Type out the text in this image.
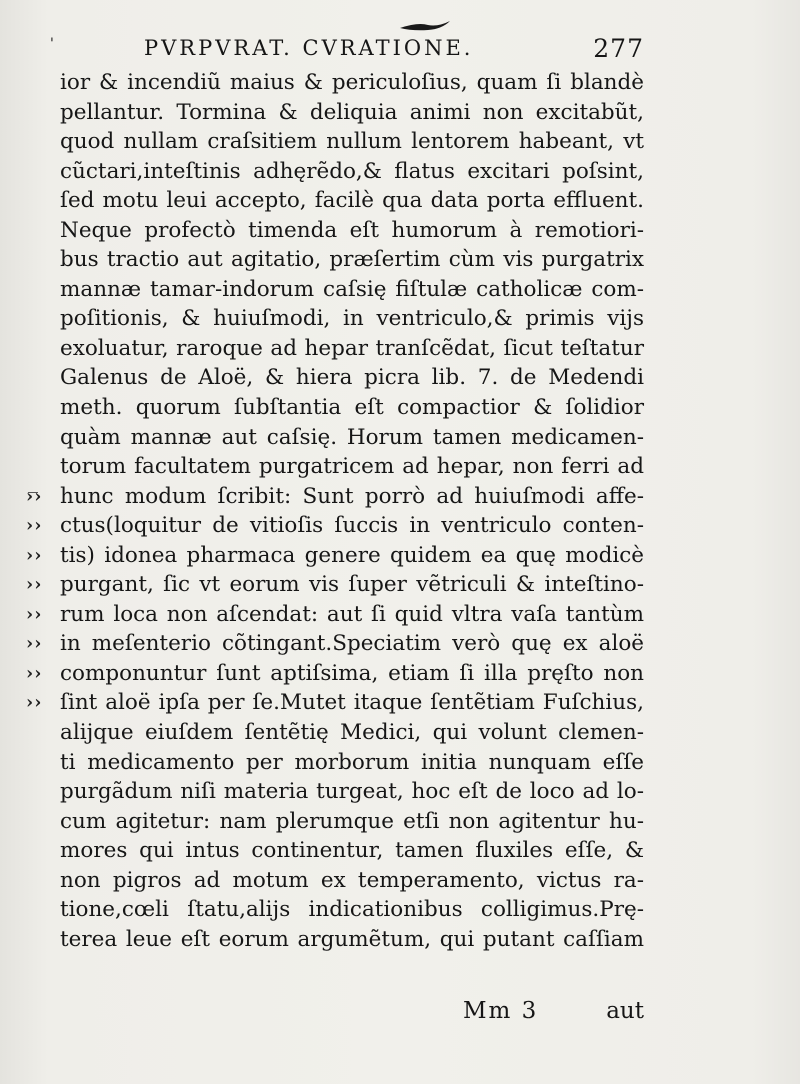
'	PVRPVRAT. CVRATIONE.	277
ior & incendiũ maius & periculoſius, quam ſi blandè
pellantur. Tormina & deliquia animi non excitabũt,
quod nullam craſsitiem nullum lentorem habeant, vt
cũctari,inteſtinis adhęrẽdo,& flatus excitari poſsint,
ſed motu leui accepto, facilè qua data porta effluent.
Neque profectò timenda eſt humorum à remotiori-
bus tractio aut agitatio, præſertim cùm vis purgatrix
mannæ tamar-indorum caſsię fiſtulæ catholicæ com-
poſitionis, & huiuſmodi, in ventriculo,& primis vijs
exoluatur, raroque ad hepar tranſcẽdat, ſicut teſtatur
Galenus de Aloë, & hiera picra lib. 7. de Medendi
meth. quorum ſubſtantia eſt compactior & ſolidior
quàm mannæ aut caſsię. Horum tamen medicamen-
torum facultatem purgatricem ad hepar, non ferri ad
›› hunc modum ſcribit: Sunt porrò ad huiuſmodi affe-
›› ctus(loquitur de vitioſis ſuccis in ventriculo conten-
›› tis) idonea pharmaca genere quidem ea quę modicè
›› purgant, ſic vt eorum vis ſuper vẽtriculi & inteſtino-
›› rum loca non aſcendat: aut ſi quid vltra vaſa tantùm
›› in meſenterio cõtingant.Speciatim verò quę ex aloë
›› componuntur ſunt aptiſsima, etiam ſi illa pręſto non
›› ſint aloë ipſa per ſe.Mutet itaque ſentẽtiam Fuſchius,
alijque eiuſdem ſentẽtię Medici, qui volunt clemen-
ti medicamento per morborum initia nunquam eſſe
purgãdum niſi materia turgeat, hoc eſt de loco ad lo-
cum agitetur: nam plerumque etſi non agitentur hu-
mores qui intus continentur, tamen fluxiles eſſe, &
non pigros ad motum ex temperamento, victus ra-
tione,cœli ſtatu,alijs indicationibus colligimus.Prę-
terea leue eſt eorum argumẽtum, qui putant caſſiam
Mm 3	aut
